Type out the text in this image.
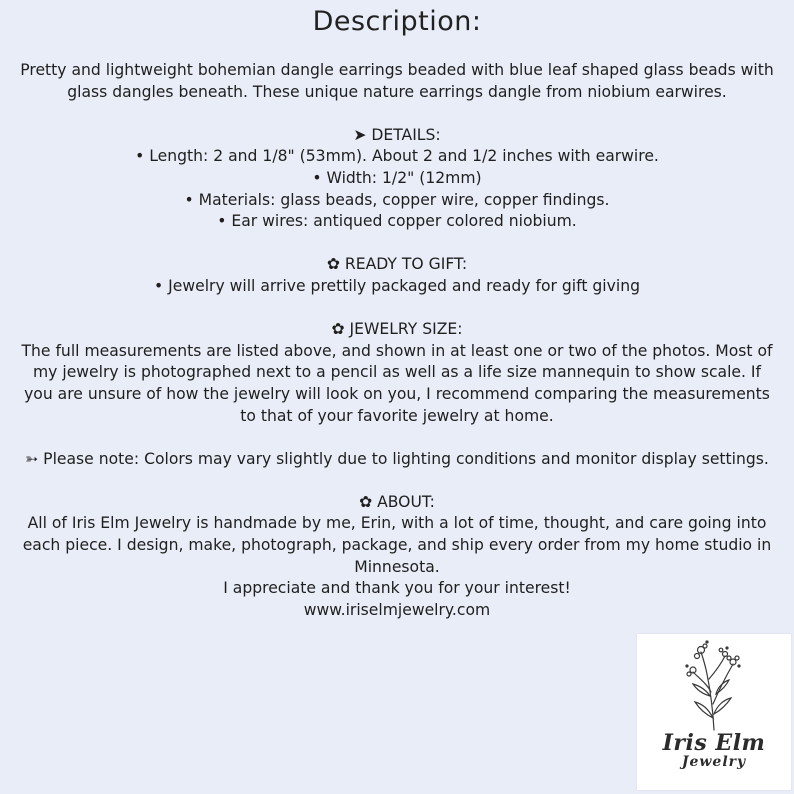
Description:

Pretty and lightweight bohemian dangle earrings beaded with blue leaf shaped glass beads with glass dangles beneath. These unique nature earrings dangle from niobium earwires.

➤ DETAILS:

• Length: 2 and 1/8" (53mm). About 2 and 1/2 inches with earwire.

• Width: 1/2" (12mm)

• Materials: glass beads, copper wire, copper findings.

• Ear wires: antiqued copper colored niobium.

✿ READY TO GIFT:

• Jewelry will arrive prettily packaged and ready for gift giving

✿ JEWELRY SIZE:

The full measurements are listed above, and shown in at least one or two of the photos. Most of my jewelry is photographed next to a pencil as well as a life size mannequin to show scale. If you are unsure of how the jewelry will look on you, I recommend comparing the measurements to that of your favorite jewelry at home.

➳ Please note: Colors may vary slightly due to lighting conditions and monitor display settings.

✿ ABOUT:

All of Iris Elm Jewelry is handmade by me, Erin, with a lot of time, thought, and care going into each piece. I design, make, photograph, package, and ship every order from my home studio in Minnesota.

I appreciate and thank you for your interest!

www.iriselmjewelry.com

Iris Elm
Jewelry
